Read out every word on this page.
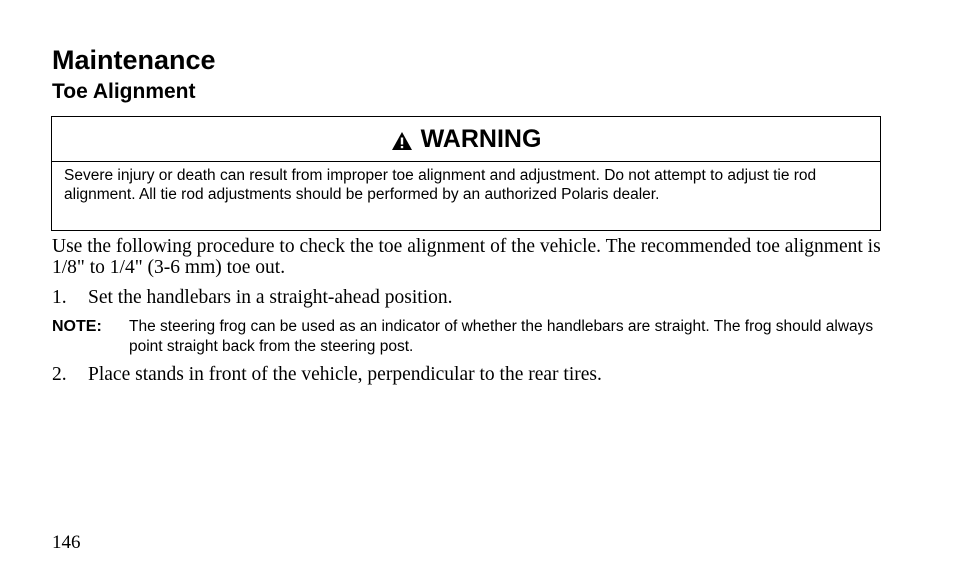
Maintenance
Toe Alignment
WARNING
Severe injury or death can result from improper toe alignment and adjustment. Do not attempt to adjust tie rod alignment. All tie rod adjustments should be performed by an authorized Polaris dealer.

Use the following procedure to check the toe alignment of the vehicle. The recommended toe alignment is 1/8" to 1/4" (3-6 mm) toe out.

1. Set the handlebars in a straight-ahead position.

NOTE: The steering frog can be used as an indicator of whether the handlebars are straight. The frog should always point straight back from the steering post.

2. Place stands in front of the vehicle, perpendicular to the rear tires.

146
